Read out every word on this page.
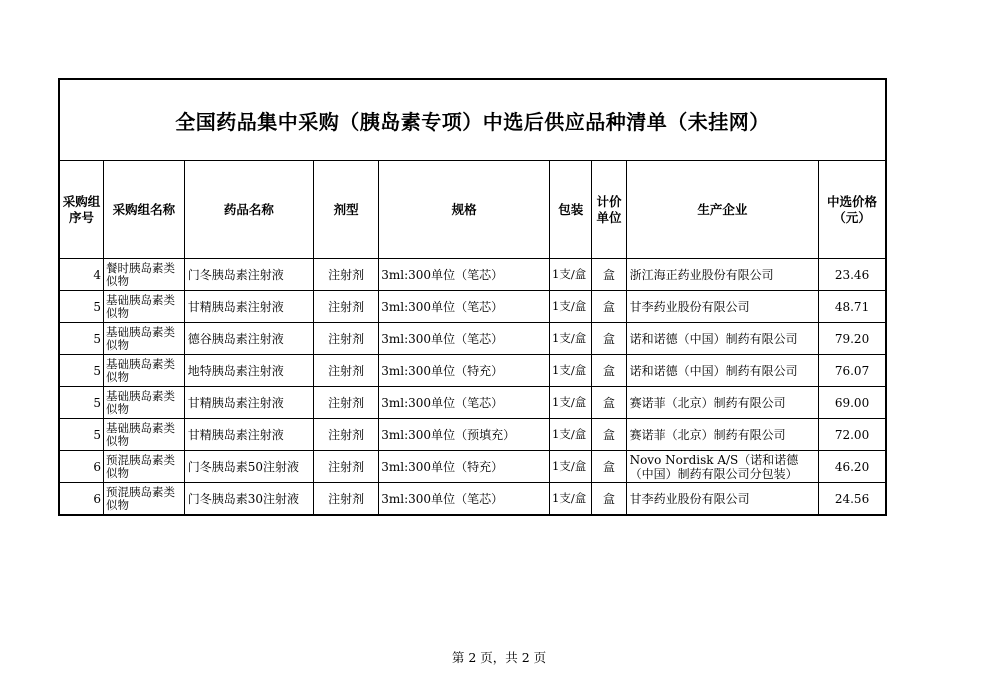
全国药品集中采购（胰岛素专项）中选后供应品种清单（未挂网）								
采购组序号	采购组名称	药品名称	剂型	规格	包装	计价单位	生产企业	中选价格（元）
4	餐时胰岛素类似物	门冬胰岛素注射液	注射剂	3ml:300单位（笔芯）	1支/盒	盒	浙江海正药业股份有限公司	23.46
5	基础胰岛素类似物	甘精胰岛素注射液	注射剂	3ml:300单位（笔芯）	1支/盒	盒	甘李药业股份有限公司	48.71
5	基础胰岛素类似物	德谷胰岛素注射液	注射剂	3ml:300单位（笔芯）	1支/盒	盒	诺和诺德（中国）制药有限公司	79.20
5	基础胰岛素类似物	地特胰岛素注射液	注射剂	3ml:300单位（特充）	1支/盒	盒	诺和诺德（中国）制药有限公司	76.07
5	基础胰岛素类似物	甘精胰岛素注射液	注射剂	3ml:300单位（笔芯）	1支/盒	盒	赛诺菲（北京）制药有限公司	69.00
5	基础胰岛素类似物	甘精胰岛素注射液	注射剂	3ml:300单位（预填充）	1支/盒	盒	赛诺菲（北京）制药有限公司	72.00
6	预混胰岛素类似物	门冬胰岛素50注射液	注射剂	3ml:300单位（特充）	1支/盒	盒	Novo Nordisk A/S（诺和诺德（中国）制药有限公司分包装）	46.20
6	预混胰岛素类似物	门冬胰岛素30注射液	注射剂	3ml:300单位（笔芯）	1支/盒	盒	甘李药业股份有限公司	24.56
第 2 页，共 2 页
